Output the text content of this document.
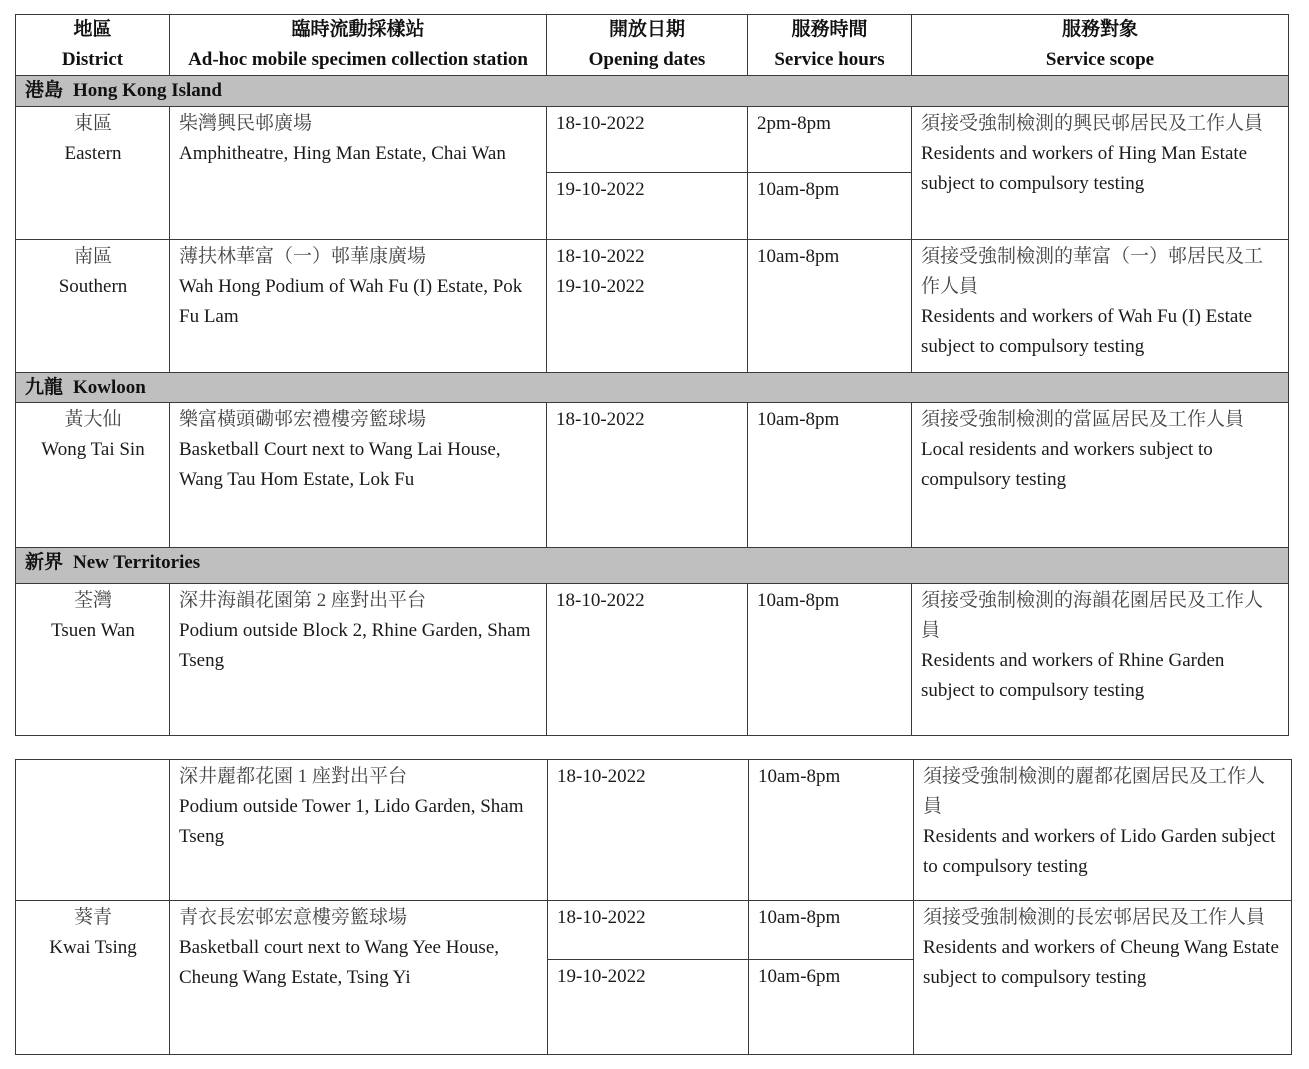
地區
District	臨時流動採樣站
Ad-hoc mobile specimen collection station	開放日期
Opening dates	服務時間
Service hours	服務對象
Service scope

港島 Hong Kong Island				

東區
Eastern	柴灣興民邨廣場
Amphitheatre, Hing Man Estate, Chai Wan	18-10-2022	2pm-8pm	須接受強制檢測的興民邨居民及工作人員
Residents and workers of Hing Man Estate subject to compulsory testing

		19-10-2022	10am-8pm	

南區
Southern	薄扶林華富（一）邨華康廣場
Wah Hong Podium of Wah Fu (I) Estate, Pok Fu Lam	18-10-2022
19-10-2022	10am-8pm	須接受強制檢測的華富（一）邨居民及工作人員
Residents and workers of Wah Fu (I) Estate subject to compulsory testing

九龍 Kowloon				

黃大仙
Wong Tai Sin	樂富橫頭磡邨宏禮樓旁籃球場
Basketball Court next to Wang Lai House, Wang Tau Hom Estate, Lok Fu	18-10-2022	10am-8pm	須接受強制檢測的當區居民及工作人員
Local residents and workers subject to compulsory testing

新界 New Territories				

荃灣
Tsuen Wan	深井海韻花園第 2 座對出平台
Podium outside Block 2, Rhine Garden, Sham Tseng	18-10-2022	10am-8pm	須接受強制檢測的海韻花園居民及工作人員
Residents and workers of Rhine Garden subject to compulsory testing

	深井麗都花園 1 座對出平台
Podium outside Tower 1, Lido Garden, Sham Tseng	18-10-2022	10am-8pm	須接受強制檢測的麗都花園居民及工作人員
Residents and workers of Lido Garden subject to compulsory testing

葵青
Kwai Tsing	青衣長宏邨宏意樓旁籃球場
Basketball court next to Wang Yee House, Cheung Wang Estate, Tsing Yi	18-10-2022	10am-8pm	須接受強制檢測的長宏邨居民及工作人員
Residents and workers of Cheung Wang Estate subject to compulsory testing

		19-10-2022	10am-6pm	
